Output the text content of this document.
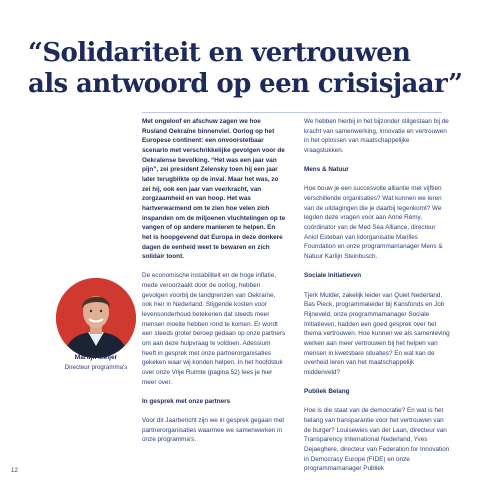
“Solidariteit en vertrouwen
als antwoord op een crisisjaar”

Martijn Meijer

Directeur programma's

Met ongeloof en afschuw zagen we hoe Rusland Oekraïne binnenviel. Oorlog op het Europese continent: een onvoorstelbaar scenario met verschrikkelijke gevolgen voor de Oekraïense bevolking. “Het was een jaar van pijn”, zei president Zelensky toen hij een jaar later terugblikte op de inval. Maar het was, zo zei hij, ook een jaar van veerkracht, van zorgzaamheid en van hoop. Het was hartverwarmend om te zien hoe velen zich inspanden om de miljoenen vluchtelingen op te vangen of op andere manieren te helpen. En het is hoopgevend dat Europa in deze donkere dagen de eenheid weet te bewaren en zich solidair toont.

De economische instabiliteit en de hoge inflatie, mede veroorzaakt door de oorlog, hebben gevolgen voorbij de landgrenzen van Oekraïne, ook hier in Nederland. Stijgende kosten voor levensonderhoud betekenen dat steeds meer mensen moeite hebben rond te komen. Er wordt een steeds groter beroep gedaan op onze partners om aan deze hulpvraag te voldoen. Adessium heeft in gesprek met onze partnerorganisaties gekeken waar wij konden helpen. In het hoofdstuk over onze Vrije Ruimte (pagina 52) lees je hier meer over.

In gesprek met onze partners

Voor dit Jaarbericht zijn we in gesprek gegaan met partnerorganisaties waarmee we samenwerken in onze programma's.

We hebben hierbij in het bijzonder stilgestaan bij de kracht van samenwerking, innovatie en vertrouwen in het oplossen van maatschappelijke vraagstukken.

Mens & Natuur

Hoe bouw je een succesvolle alliantie met vijftien verschillende organisaties? Wat kunnen we leren van de uitdagingen die je daarbij tegenkomt? We legden deze vragen voor aan Anne Rémy, coördinator van de Med Sea Alliance, directeur Aniol Esteban van lidorganisatie Marilles Foundation en onze programmamanager Mens & Natuur Karlijn Steinbusch.

Sociale Initiatieven

Tjerk Mulder, zakelijk leider van Quiet Nederland, Bas Pieck, programmaleider bij Kansfonds en Job Rijneveld, onze programmamanager Sociale Initiatieven, hadden een goed gesprek over het thema vertrouwen. Hoe kunnen we als samenleving werken aan meer vertrouwen bij het helpen van mensen in kwetsbare situaties? En wat kan de overheid leren van het maatschappelijk middenveld?

Publiek Belang

Hoe is die staat van de democratie? En wat is het belang van transparantie voor het vertrouwen van de burger? Louisewies van der Laan, directeur van Transparency International Nederland, Yves Dejaeghere, directeur van Federation for Innovation in Democracy Europe (FIDE) en onze programmamanager Publiek

12
